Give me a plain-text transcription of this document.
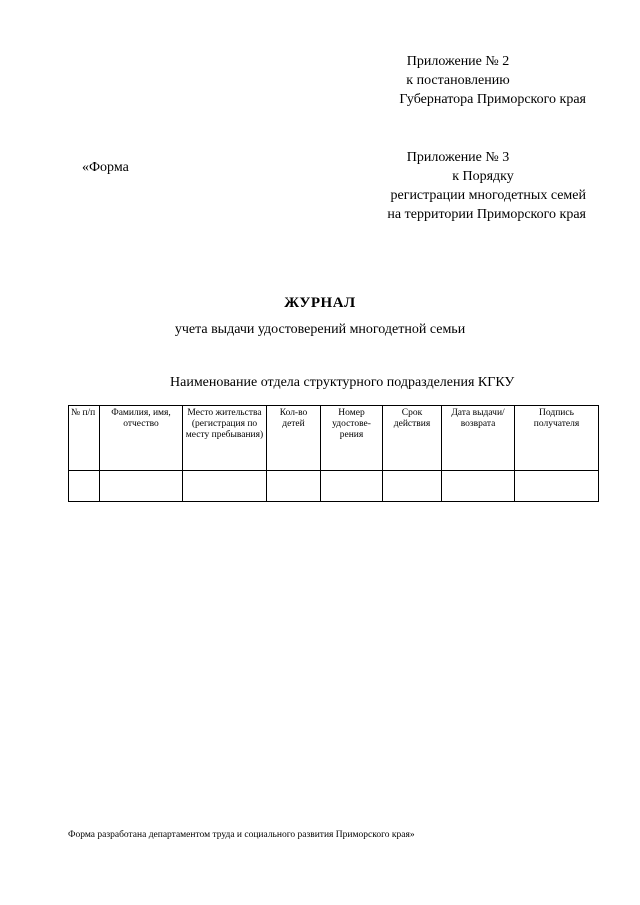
Приложение № 2
к постановлению
Губернатора Приморского края
«Форма
Приложение № 3
к Порядку
регистрации многодетных семей
на территории Приморского края
ЖУРНАЛ
учета выдачи удостоверений многодетной семьи
Наименование отдела структурного подразделения КГКУ
№ п/п	Фамилия, имя, отчество	Место жительства (регистрация по месту пребывания)	Кол-во детей	Номер удостове-рения	Срок действия	Дата выдачи/ возврата	Подпись получателя

Форма разработана департаментом труда и социального развития Приморского края»
